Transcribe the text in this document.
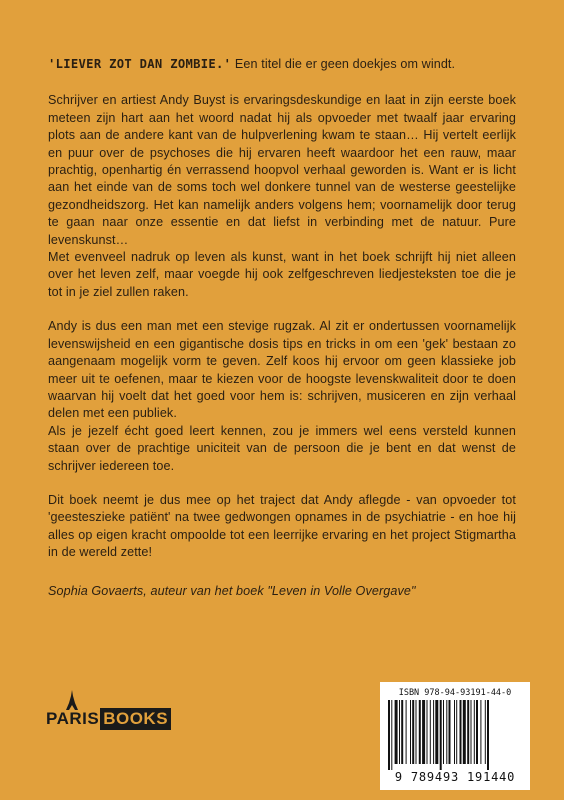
'LIEVER ZOT DAN ZOMBIE.' Een titel die er geen doekjes om windt.

Schrijver en artiest Andy Buyst is ervaringsdeskundige en laat in zijn eerste boek meteen zijn hart aan het woord nadat hij als opvoeder met twaalf jaar ervaring plots aan de andere kant van de hulpverlening kwam te staan… Hij vertelt eerlijk en puur over de psychoses die hij ervaren heeft waardoor het een rauw, maar prachtig, openhartig én verrassend hoopvol verhaal geworden is. Want er is licht aan het einde van de soms toch wel donkere tunnel van de westerse geestelijke gezondheidszorg. Het kan namelijk anders volgens hem; voornamelijk door terug te gaan naar onze essentie en dat liefst in verbinding met de natuur. Pure levenskunst…

Met evenveel nadruk op leven als kunst, want in het boek schrijft hij niet alleen over het leven zelf, maar voegde hij ook zelfgeschreven liedjesteksten toe die je tot in je ziel zullen raken.

Andy is dus een man met een stevige rugzak. Al zit er ondertussen voornamelijk levenswijsheid en een gigantische dosis tips en tricks in om een 'gek' bestaan zo aangenaam mogelijk vorm te geven. Zelf koos hij ervoor om geen klassieke job meer uit te oefenen, maar te kiezen voor de hoogste levenskwaliteit door te doen waarvan hij voelt dat het goed voor hem is: schrijven, musiceren en zijn verhaal delen met een publiek.

Als je jezelf écht goed leert kennen, zou je immers wel eens versteld kunnen staan over de prachtige uniciteit van de persoon die je bent en dat wenst de schrijver iedereen toe.

Dit boek neemt je dus mee op het traject dat Andy aflegde - van opvoeder tot 'geesteszieke patiënt' na twee gedwongen opnames in de psychiatrie - en hoe hij alles op eigen kracht ompoolde tot een leerrijke ervaring en het project Stigmartha in de wereld zette!

Sophia Govaerts, auteur van het boek "Leven in Volle Overgave"

PARIS BOOKS
ISBN 978-94-93191-44-0
9 789493 191440
